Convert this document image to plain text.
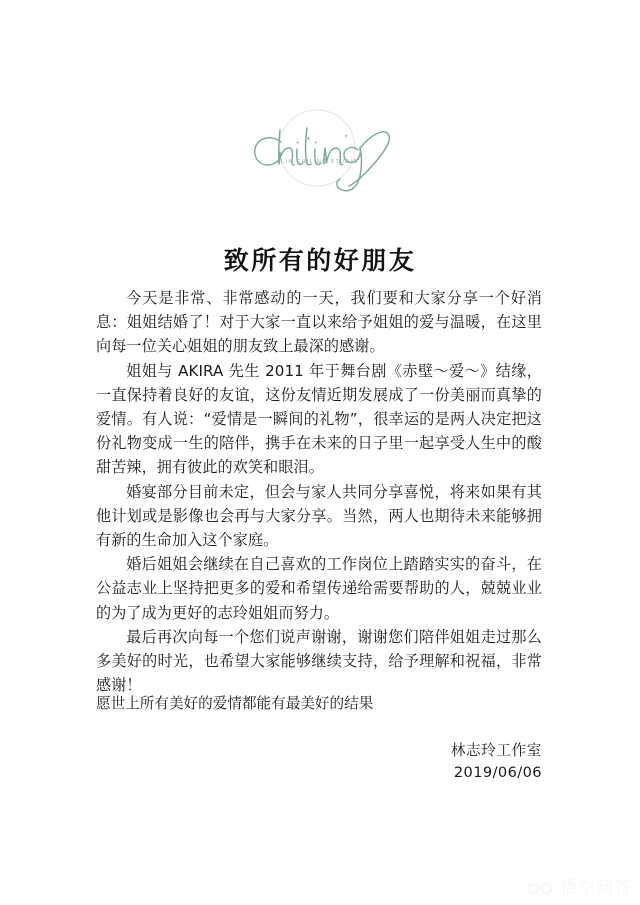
LIN CHILING STUDIO
致所有的好朋友

今天是非常、非常感动的一天，我们要和大家分享一个好消息：姐姐结婚了！对于大家一直以来给予姐姐的爱与温暖，在这里向每一位关心姐姐的朋友致上最深的感谢。

姐姐与 AKIRA 先生 2011 年于舞台剧《赤壁～爱～》结缘，一直保持着良好的友谊，这份友情近期发展成了一份美丽而真挚的爱情。有人说：“爱情是一瞬间的礼物”，很幸运的是两人决定把这份礼物变成一生的陪伴，携手在未来的日子里一起享受人生中的酸甜苦辣，拥有彼此的欢笑和眼泪。

婚宴部分目前未定，但会与家人共同分享喜悦，将来如果有其他计划或是影像也会再与大家分享。当然，两人也期待未来能够拥有新的生命加入这个家庭。

婚后姐姐会继续在自己喜欢的工作岗位上踏踏实实的奋斗，在公益志业上坚持把更多的爱和希望传递给需要帮助的人，兢兢业业的为了成为更好的志玲姐姐而努力。

最后再次向每一个您们说声谢谢，谢谢您们陪伴姐姐走过那么多美好的时光，也希望大家能够继续支持，给予理解和祝福，非常感谢！

愿世上所有美好的爱情都能有最美好的结果
林志玲工作室
2019/06/06
悟空问答
